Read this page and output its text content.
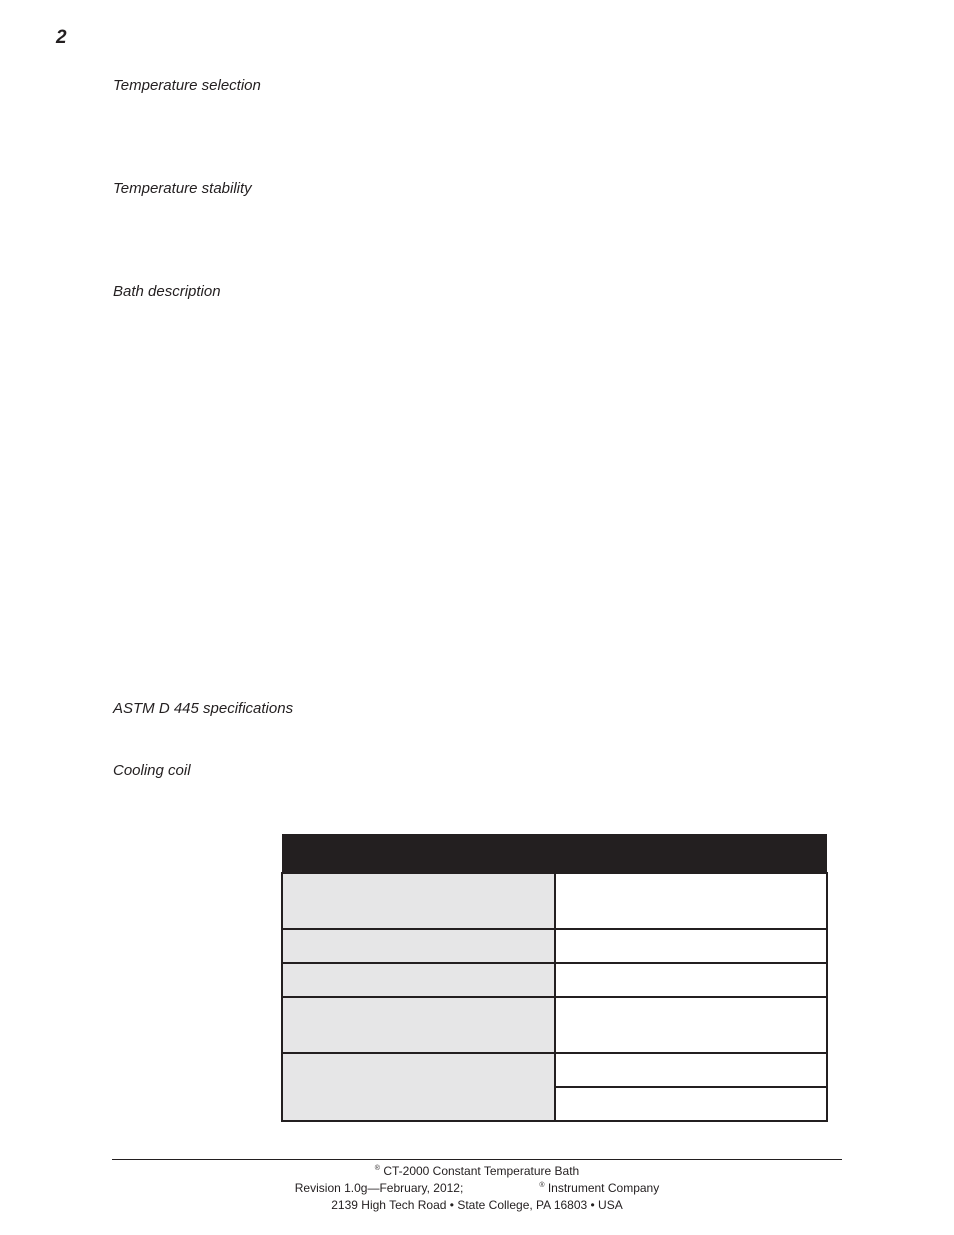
2
Temperature selection
Temperature stability
Bath description
ASTM D 445 specifications
Cooling coil

® CT-2000 Constant Temperature Bath
Revision 1.0g—February, 2012;	® Instrument Company
2139 High Tech Road • State College, PA 16803 • USA
